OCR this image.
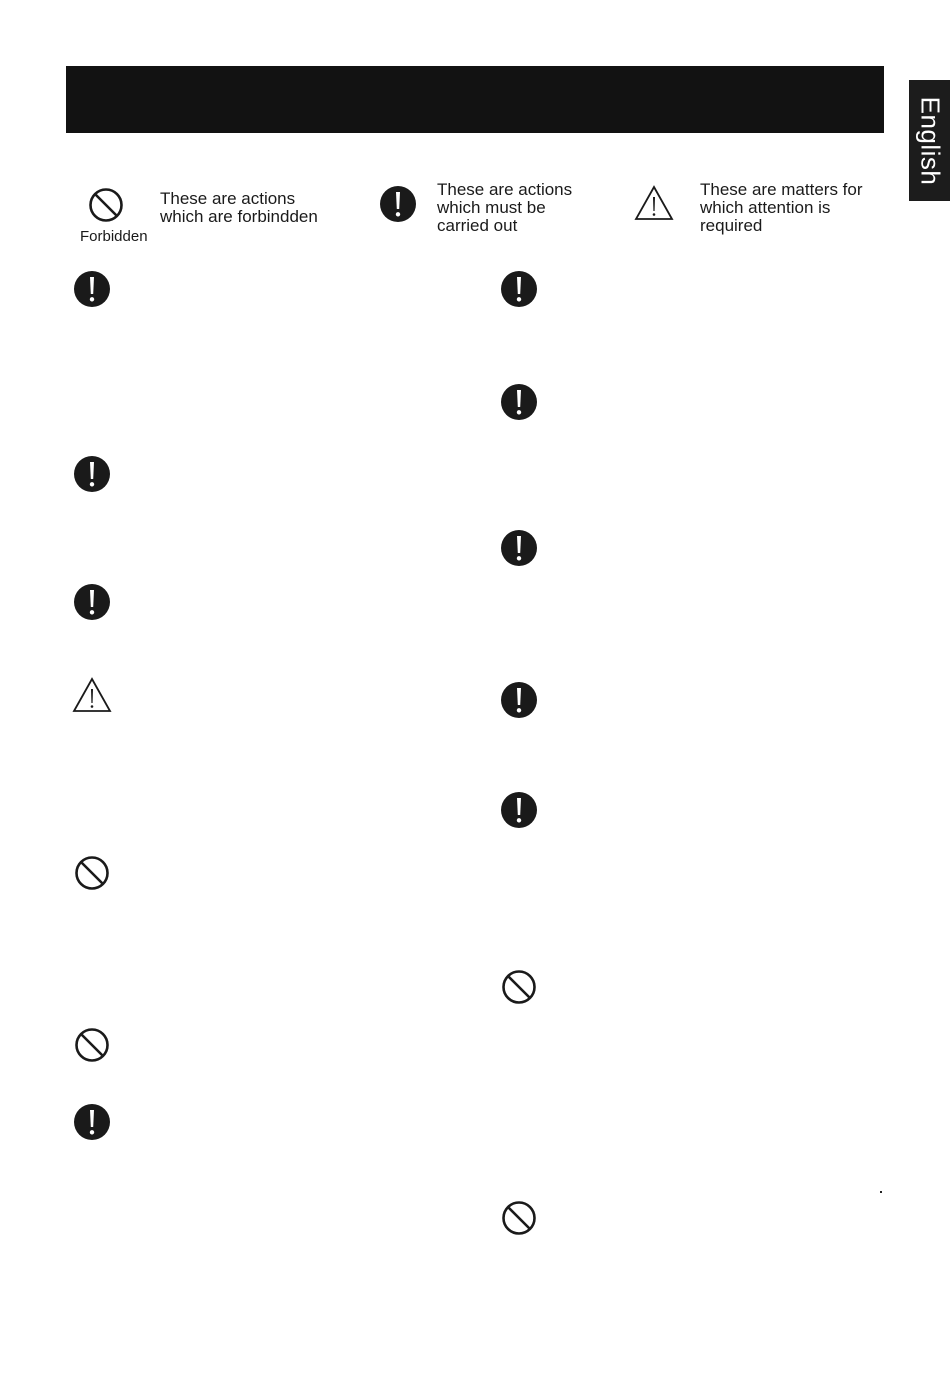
English
Forbidden
These are actions
which are forbindden
These are actions
which must be
carried out
These are matters for
which attention is
required
